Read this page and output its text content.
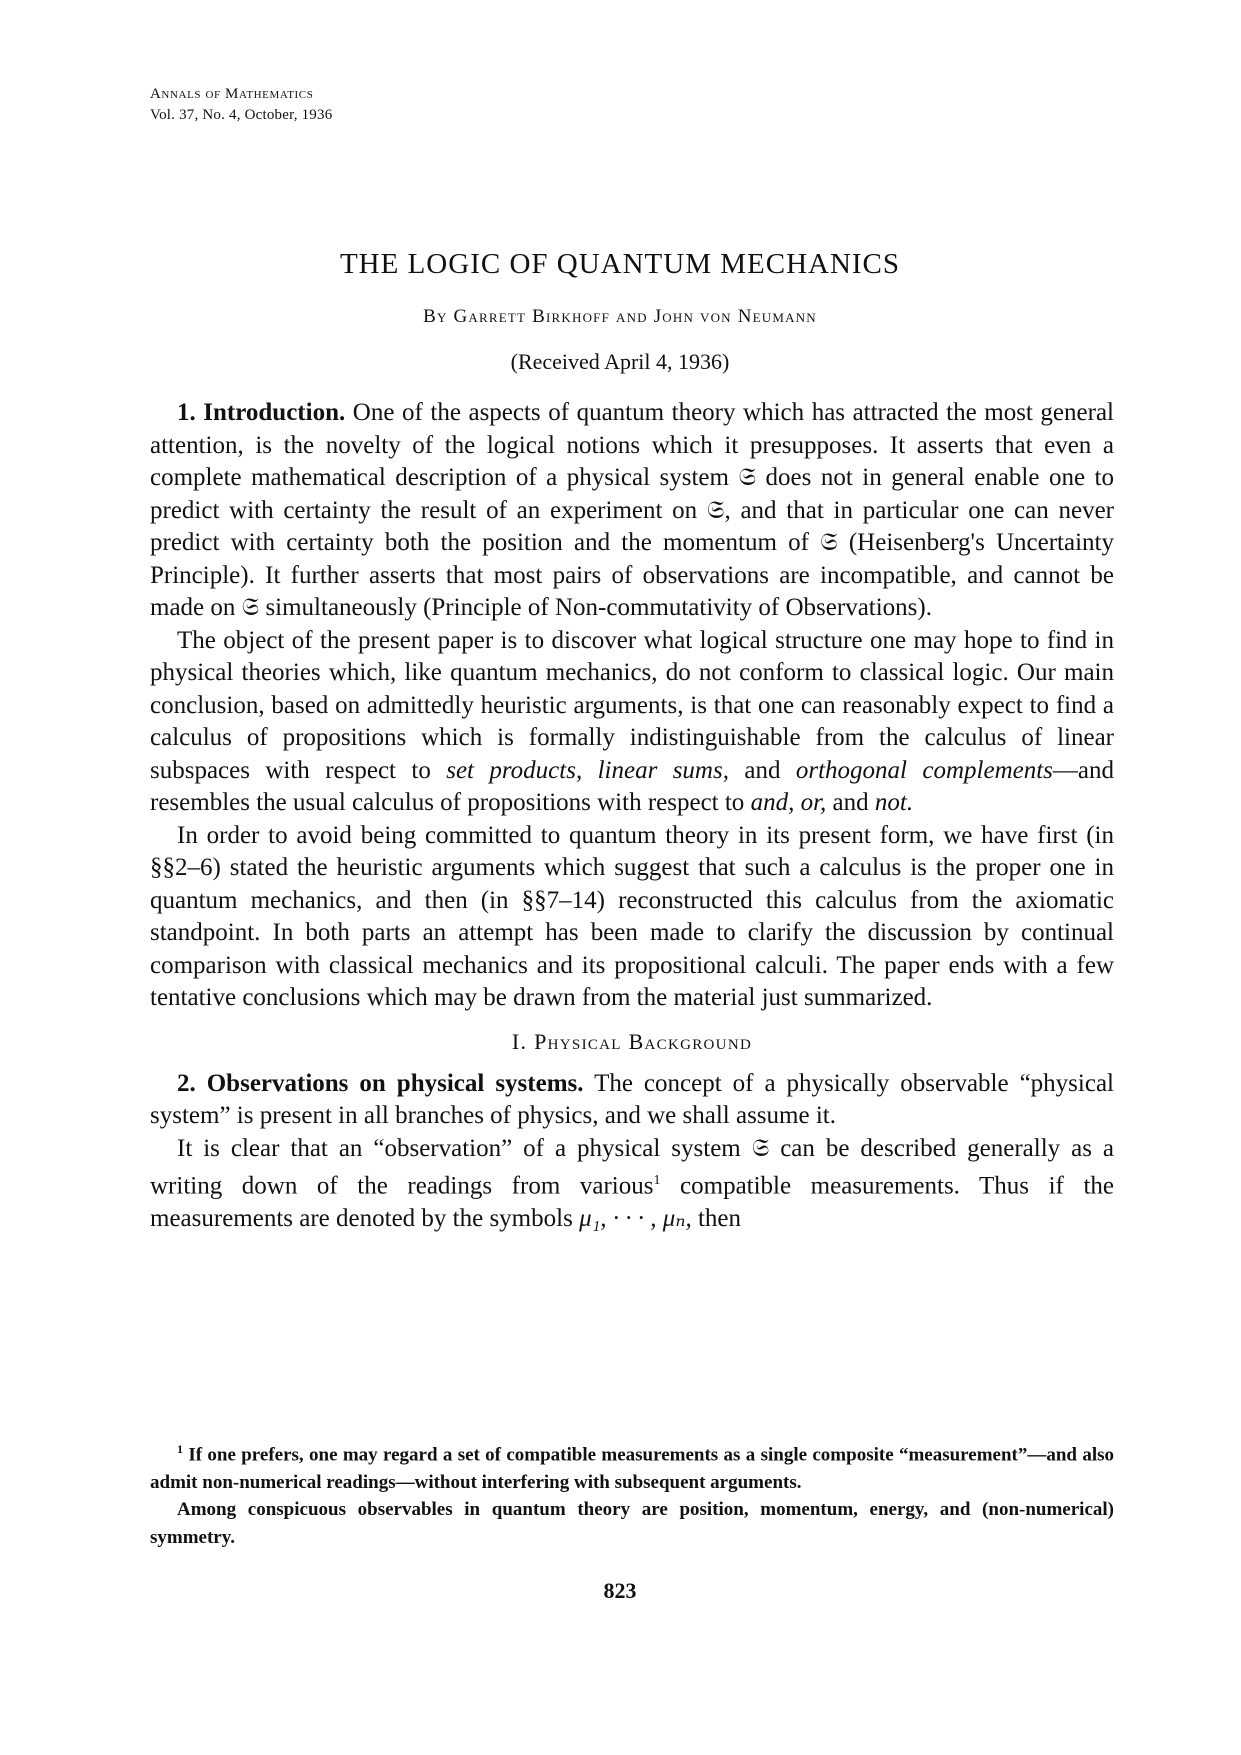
Annals of Mathematics
Vol. 37, No. 4, October, 1936
THE LOGIC OF QUANTUM MECHANICS
By Garrett Birkhoff and John von Neumann
(Received April 4, 1936)

1. Introduction. One of the aspects of quantum theory which has attracted the most general attention, is the novelty of the logical notions which it presupposes. It asserts that even a complete mathematical description of a physical system 𝔖 does not in general enable one to predict with certainty the result of an experiment on 𝔖, and that in particular one can never predict with certainty both the position and the momentum of 𝔖 (Heisenberg's Uncertainty Principle). It further asserts that most pairs of observations are incompatible, and cannot be made on 𝔖 simultaneously (Principle of Non-commutativity of Observations).

The object of the present paper is to discover what logical structure one may hope to find in physical theories which, like quantum mechanics, do not conform to classical logic. Our main conclusion, based on admittedly heuristic arguments, is that one can reasonably expect to find a calculus of propositions which is formally indistinguishable from the calculus of linear subspaces with respect to set products, linear sums, and orthogonal complements—and resembles the usual calculus of propositions with respect to and, or, and not.

In order to avoid being committed to quantum theory in its present form, we have first (in §§2–6) stated the heuristic arguments which suggest that such a calculus is the proper one in quantum mechanics, and then (in §§7–14) reconstructed this calculus from the axiomatic standpoint. In both parts an attempt has been made to clarify the discussion by continual comparison with classical mechanics and its propositional calculi. The paper ends with a few tentative conclusions which may be drawn from the material just summarized.

I. Physical Background

2. Observations on physical systems. The concept of a physically observable “physical system” is present in all branches of physics, and we shall assume it.

It is clear that an “observation” of a physical system 𝔖 can be described generally as a writing down of the readings from various$^1$ compatible measurements. Thus if the measurements are denoted by the symbols μ₁, · · · , μₙ, then

$^1$ If one prefers, one may regard a set of compatible measurements as a single composite “measurement”—and also admit non-numerical readings—without interfering with subsequent arguments.

Among conspicuous observables in quantum theory are position, momentum, energy, and (non-numerical) symmetry.

823
